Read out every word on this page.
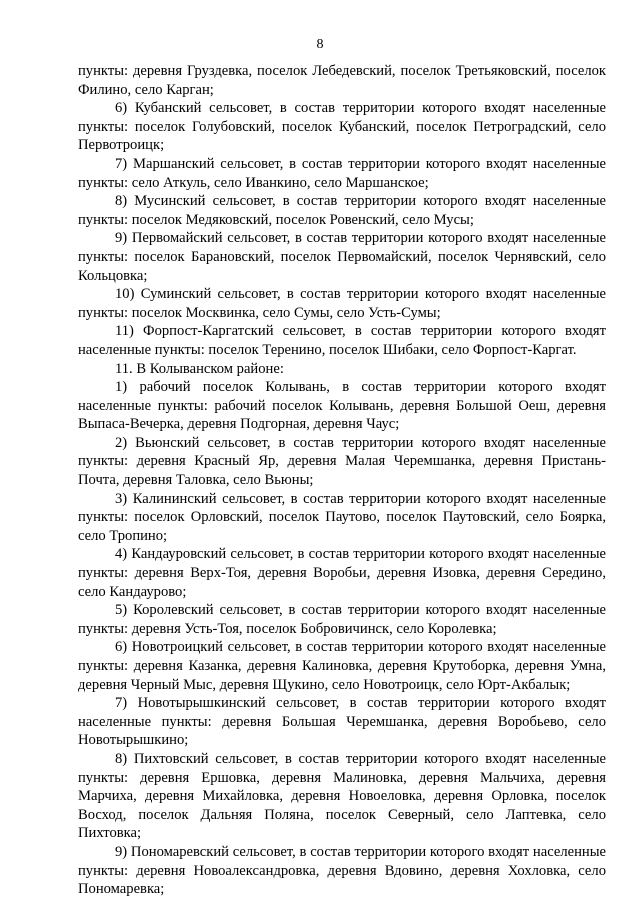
8

пункты: деревня Груздевка, поселок Лебедевский, поселок Третьяковский, поселок Филино, село Карган;

6) Кубанский сельсовет, в состав территории которого входят населенные пункты: поселок Голубовский, поселок Кубанский, поселок Петроградский, село Первотроицк;

7) Маршанский сельсовет, в состав территории которого входят населенные пункты: село Аткуль, село Иванкино, село Маршанское;

8) Мусинский сельсовет, в состав территории которого входят населенные пункты: поселок Медяковский, поселок Ровенский, село Мусы;

9) Первомайский сельсовет, в состав территории которого входят населенные пункты: поселок Барановский, поселок Первомайский, поселок Чернявский, село Кольцовка;

10) Суминский сельсовет, в состав территории которого входят населенные пункты: поселок Москвинка, село Сумы, село Усть-Сумы;

11) Форпост-Каргатский сельсовет, в состав территории которого входят населенные пункты: поселок Теренино, поселок Шибаки, село Форпост-Каргат.

11. В Колыванском районе:

1) рабочий поселок Колывань, в состав территории которого входят населенные пункты: рабочий поселок Колывань, деревня Большой Оеш, деревня Выпаса-Вечерка, деревня Подгорная, деревня Чаус;

2) Вьюнский сельсовет, в состав территории которого входят населенные пункты: деревня Красный Яр, деревня Малая Черемшанка, деревня Пристань-Почта, деревня Таловка, село Вьюны;

3) Калининский сельсовет, в состав территории которого входят населенные пункты: поселок Орловский, поселок Паутово, поселок Паутовский, село Боярка, село Тропино;

4) Кандауровский сельсовет, в состав территории которого входят населенные пункты: деревня Верх-Тоя, деревня Воробьи, деревня Изовка, деревня Середино, село Кандаурово;

5) Королевский сельсовет, в состав территории которого входят населенные пункты: деревня Усть-Тоя, поселок Бобровичинск, село Королевка;

6) Новотроицкий сельсовет, в состав территории которого входят населенные пункты: деревня Казанка, деревня Калиновка, деревня Крутоборка, деревня Умна, деревня Черный Мыс, деревня Щукино, село Новотроицк, село Юрт-Акбалык;

7) Новотырышкинский сельсовет, в состав территории которого входят населенные пункты: деревня Большая Черемшанка, деревня Воробьево, село Новотырышкино;

8) Пихтовский сельсовет, в состав территории которого входят населенные пункты: деревня Ершовка, деревня Малиновка, деревня Мальчиха, деревня Марчиха, деревня Михайловка, деревня Новоеловка, деревня Орловка, поселок Восход, поселок Дальняя Поляна, поселок Северный, село Лаптевка, село Пихтовка;

9) Пономаревский сельсовет, в состав территории которого входят населенные пункты: деревня Новоалександровка, деревня Вдовино, деревня Хохловка, село Пономаревка;
